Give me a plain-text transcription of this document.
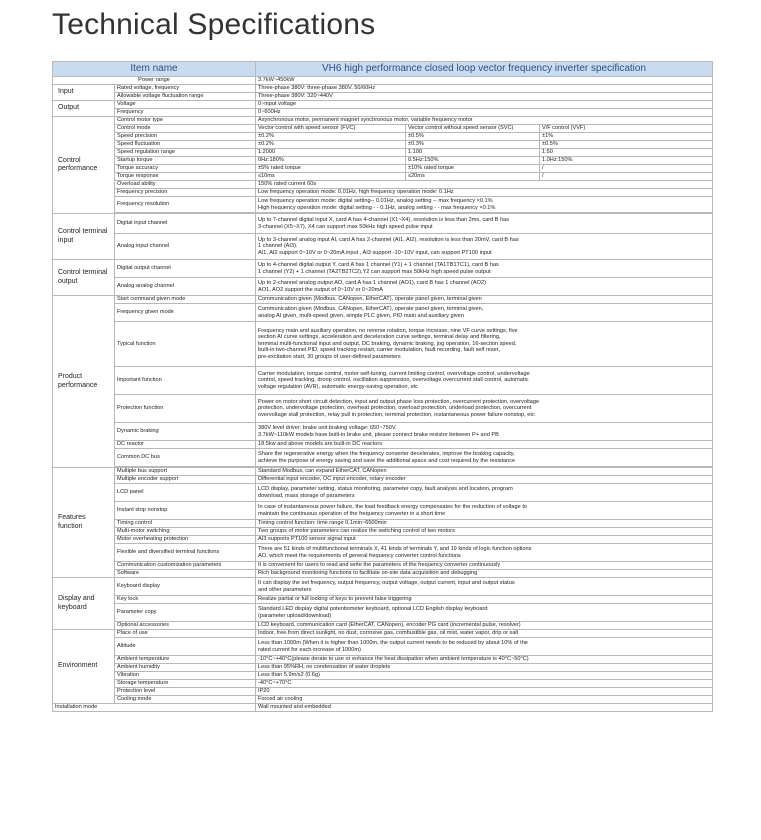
Technical Specifications
Item name		VH6 high performance closed loop vector frequency inverter specification		
Power range		3.7kW~450kW		
Input	Rated voltage, frequency	Three-phase 380V: three-phase 380V, 50/60Hz		
	Allowable voltage fluctuation range	Three-phase 380V: 320~440V		
Output	Voltage	0~input voltage		
	Frequency	0~600Hz		
Control performance	Control motor type	Asynchronous motor, permanent magnet synchronous motor, variable frequency motor		
	Control mode	Vector control with speed sensor (FVC)	Vector control without speed sensor (SVC)	V/F control (VVF)
	Speed precision	±0.2%	±0.5%	±1%
	Speed fluctuation	±0.2%	±0.3%	±0.5%
	Speed regulation range	1:2000	1:100	1:50
	Startup torque	0Hz:180%	0.5Hz:150%	1.0Hz:150%
	Torque accuracy	±5% rated torque	±10% rated torque	/
	Torque response	≤10ms	≤20ms	/
	Overload ability	150% rated current 60s		
	Frequency precision	Low frequency operation mode: 0.01Hz, high frequency operation mode: 0.1Hz		
	Frequency resolution	Low frequency operation mode: digital setting-- 0.01Hz, analog setting -- max frequency ×0.1%
High frequency operation mode: digital setting - - 0.1Hz, analog setting - - max frequency ×0.1%		

Control terminal input	Digital input channel	Up to 7-channel digital input X, card A has 4-channel (X1~X4), resolution is less than 2ms, card B has
3-channel (X5~X7), X4 can support max 50kHz high speed pulse input		

	Analog input channel	Up to 3-channel analog input AI, card A has 2-channel (AI1, AI2), resolution is less than 20mV, card B has
1 channel (AI3).
AI1, AI2 support 0~10V or 0~20mA input , AI3 support -10~10V input, can support PT100 input		

Control terminal output	Digital output channel	Up to 4-channel digital output Y, card A has 1 channel (Y1) + 1 channel (TA1TB1TC1), card B has
1 channel (Y2) + 1 channel (TA2TB2TC2),Y2 can support max 50kHz high speed pulse output		

	Analog analog channel	Up to 2-channel analog output AO, card A has 1 channel (AO1), card B has 1 channel (AO2)
AO1, AO2 support the output of 0~10V or 0~20mA		

Product performance	Start command given mode	Communication given (Modbus, CANopen, EtherCAT), operate panel given, terminal given		
	Frequency given mode	Communication given (Modbus, CANopen, EtherCAT), operate panel given, terminal given,
analog AI given, multi-speed given, simple PLC given, PID main and auxiliary given		

	Typical function	Frequency main and auxiliary operation, no reverse rotation, torque increase, nine VF curve settings, five
section AI curve settings, acceleration and deceleration curve settings, terminal delay and filtering,
terminal multi-functional input and output, DC braking, dynamic braking, jog operation, 16-section speed,
built-in two-channel PID, speed tracking restart, carrier modulation, fault recording, fault self reset,
pre-excitation start, 30 groups of user-defined parameters		

	Important function	Carrier modulation, torque control, motor self-tuning, current limiting control, overvoltage control, undervoltage
control, speed tracking, droop control, oscillation suppression, overvoltage overcurrent stall control, automatic
voltage regulation (AVR), automatic energy-saving operation, etc		

	Protection function	Power on motor short circuit detection, input and output phase loss protection, overcurrent protection, overvoltage
protection, undervoltage protection, overheat protection, overload protection, underload protection, overcurrent
overvoltage stall protection, relay pull in protection, terminal protection, instantaneous power failure nonstop, etc		

	Dynamic braking	380V level driver: brake unit braking voltage: 650~750V.
3.7kW~110kW models have built-in brake unit, please connect brake resistor between P+ and PB		

	DC reactor	18.5kw and above models are built-in DC reactors		
	Common DC bus	Share the regenerative energy when the frequency converter decelerates, improve the braking capacity,
achieve the purpose of energy saving and save the additional space and cost required by the resistance		

Features function	Multiple bus support	Standard Modbus, can expand EtherCAT, CANopen		
	Multiple encoder support	Differential input encoder, OC input encoder, rotary encoder		
	LCD panel	LCD display, parameter setting, status monitoring, parameter copy, fault analysis and location, program
download, mass storage of parameters		

	Instant stop nonstop	In case of instantaneous power failure, the load feedback energy compensates for the reduction of voltage to
maintain the continuous operation of the frequency converter in a short time		

	Timing control	Timing control function: time range 0.1min~6500min		
	Multi-motor switching	Two groups of motor parameters can realize the switching control of two motors		
	Motor overheating protection	AI3 supports PT100 sensor signal input		
	Flexible and diversified terminal functions	There are 51 kinds of multifunctional terminals X, 41 kinds of terminals Y, and 19 kinds of logic function options
AO, which meet the requirements of general frequency converter control functions		

	Communication customization parameters	It is convenient for users to read and write the parameters of the frequency converter continuously		
	Software	Rich background monitoring functions to facilitate on-site data acquisition and debugging		
Display and keyboard	Keyboard display	It can display the set frequency, output frequency, output voltage, output current, input and output status
and other parameters		

	Key lock	Realize partial or full locking of keys to prevent false triggering		
	Parameter copy	Standard LED display digital potentiometer keyboard, optional LCD English display keyboard
(parameter upload/download)		

	Optional accessories	LCD keyboard, communication card (EtherCAT, CANopen), encoder PG card (incremental pulse, resolver)		
Environment	Place of use	Indoor, free from direct sunlight, no dust, corrosive gas, combustible gas, oil mist, water vapor, drip or salt		
	Altitude	Less than 1000m (When it is higher than 1000m, the output current needs to be reduced by about 10% of the
rated current for each increase of 1000m)		

	Ambient temperature	-10°C~+40°C(please derate to use or enhance the heat dissipation when ambient temperature is 40°C~50°C)		
	Ambient humidity	Less than 95%RH, no condensation of water droplets		
	Vibration	Less than 5.9m/s2 (0.6g)		
	Storage temperature	-40°C~+70°C		
	Protection level	IP20		
	Cooling mode	Forced air cooling		
Installation mode		Wall mounted and embedded		
